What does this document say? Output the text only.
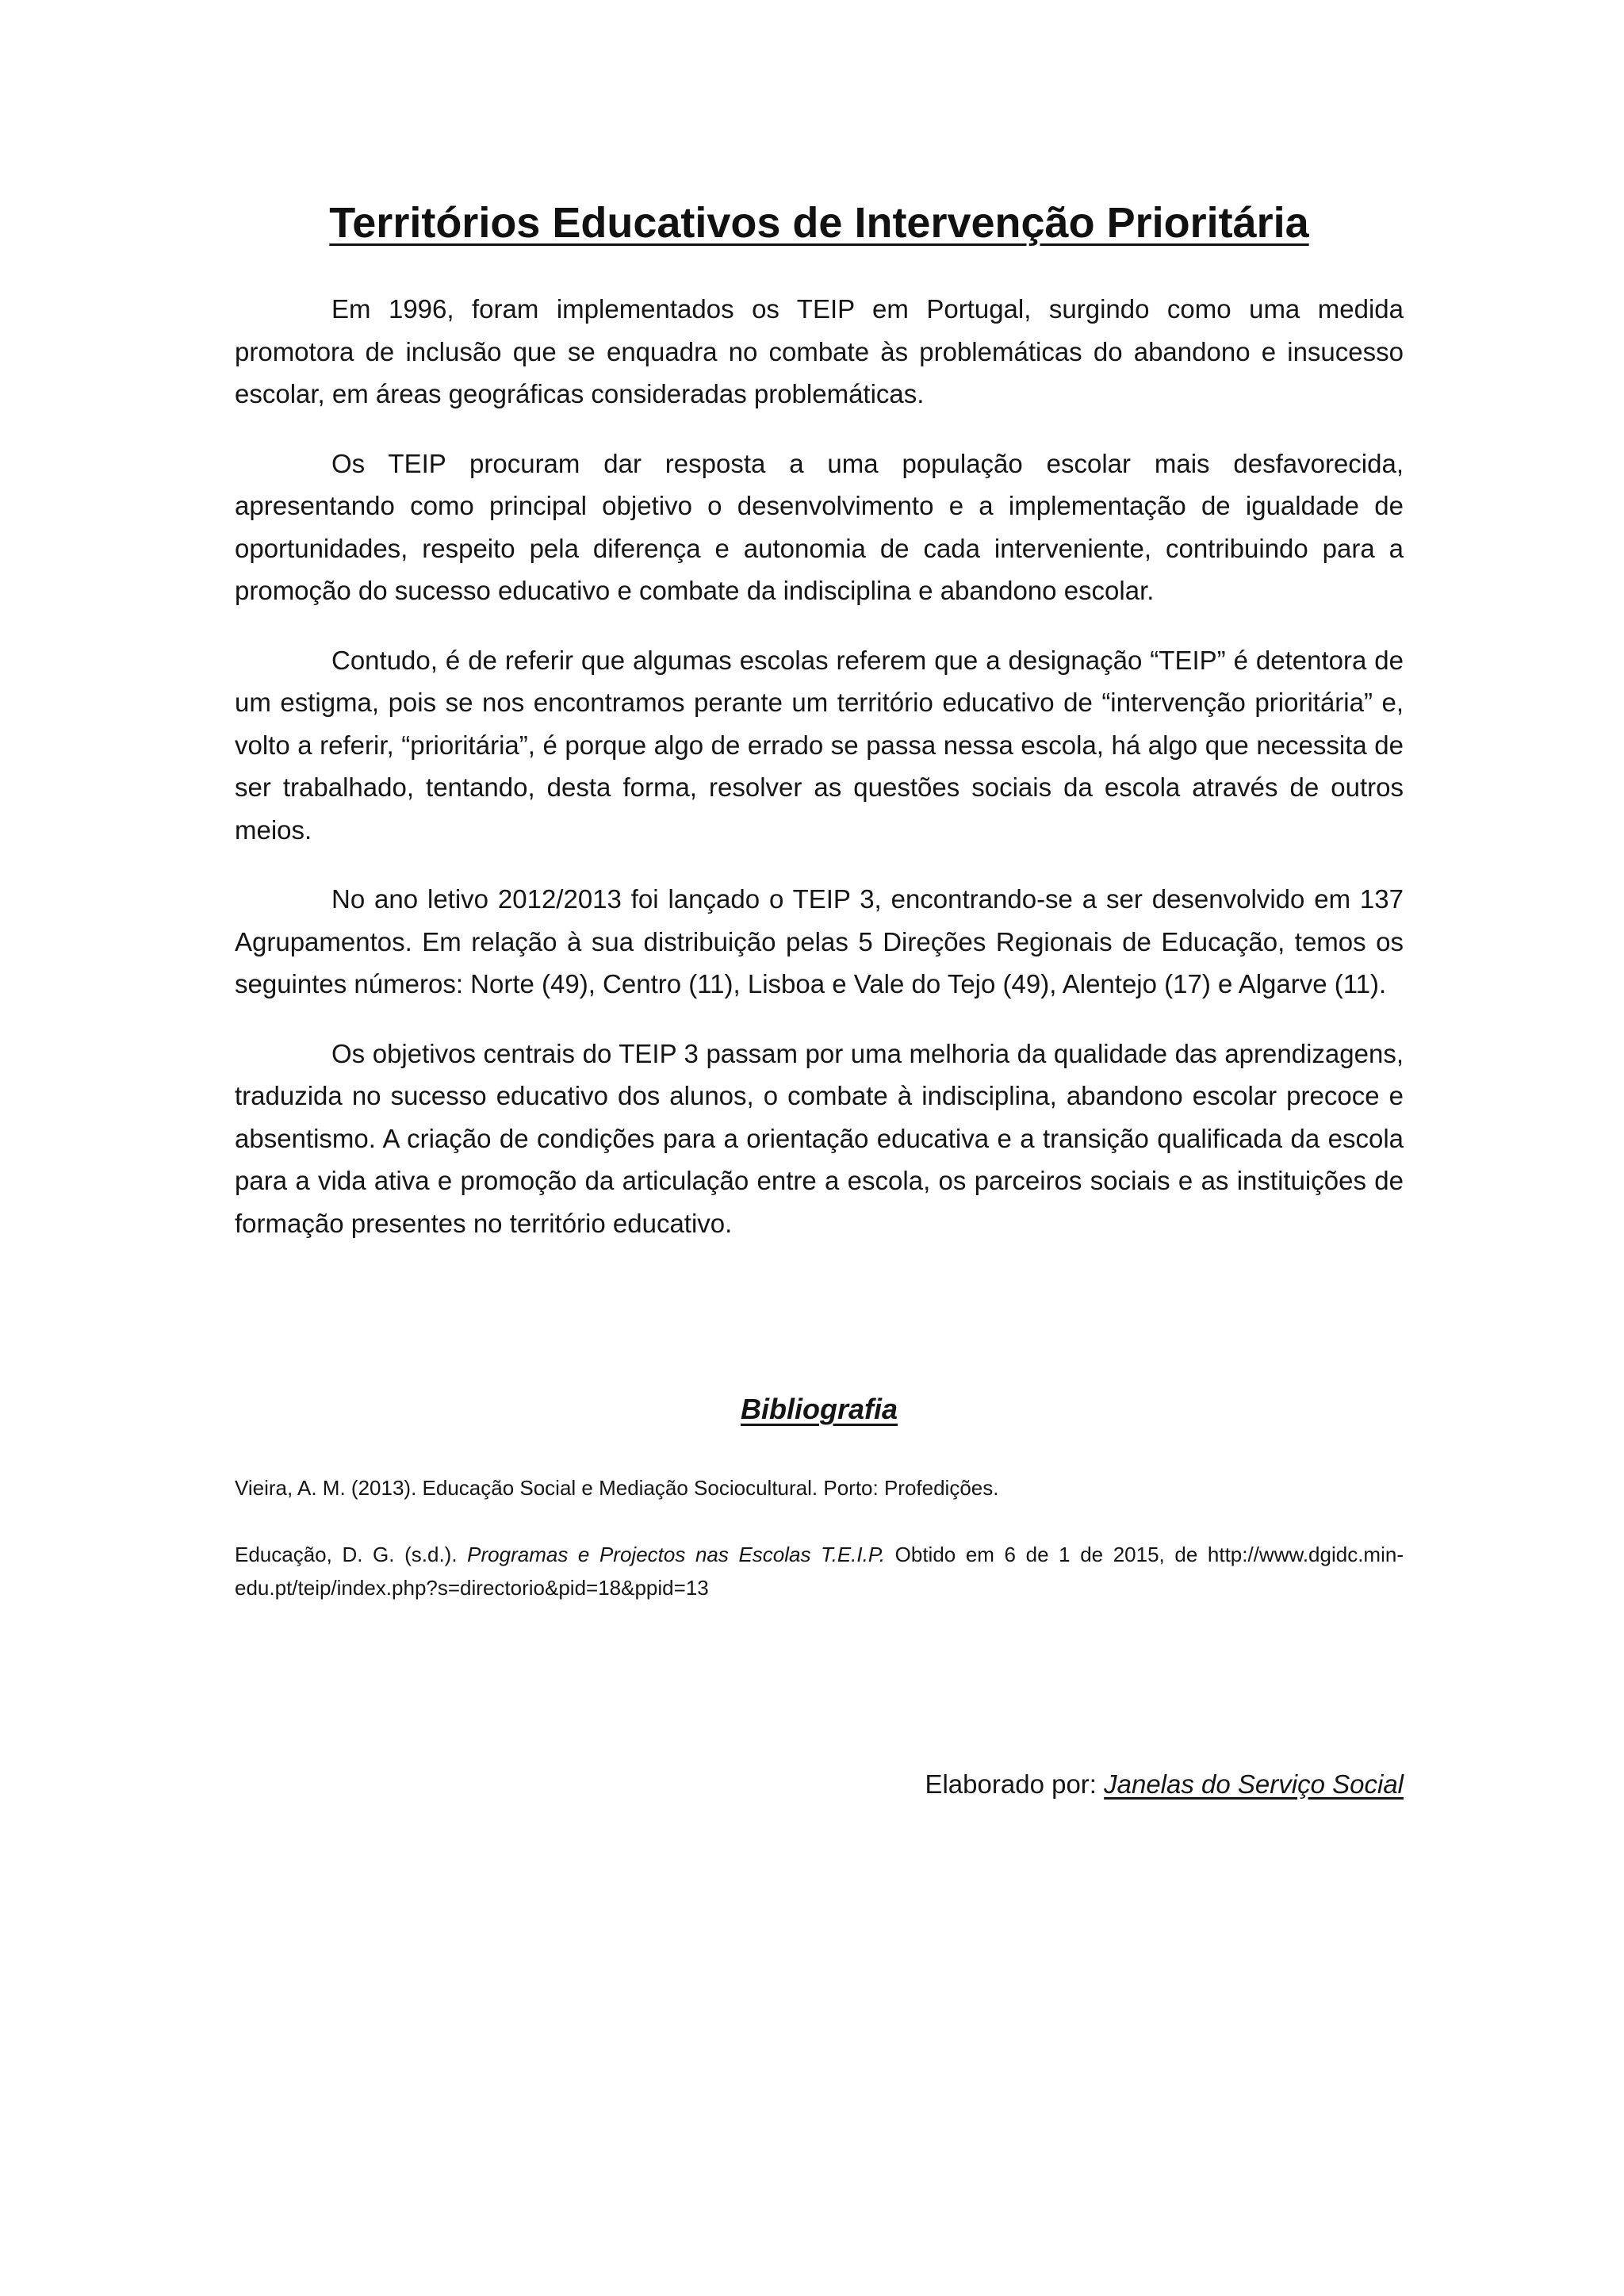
Territórios Educativos de Intervenção Prioritária

Em 1996, foram implementados os TEIP em Portugal, surgindo como uma medida promotora de inclusão que se enquadra no combate às problemáticas do abandono e insucesso escolar, em áreas geográficas consideradas problemáticas.

Os TEIP procuram dar resposta a uma população escolar mais desfavorecida, apresentando como principal objetivo o desenvolvimento e a implementação de igualdade de oportunidades, respeito pela diferença e autonomia de cada interveniente, contribuindo para a promoção do sucesso educativo e combate da indisciplina e abandono escolar.

Contudo, é de referir que algumas escolas referem que a designação “TEIP” é detentora de um estigma, pois se nos encontramos perante um território educativo de “intervenção prioritária” e, volto a referir, “prioritária”, é porque algo de errado se passa nessa escola, há algo que necessita de ser trabalhado, tentando, desta forma, resolver as questões sociais da escola através de outros meios.

No ano letivo 2012/2013 foi lançado o TEIP 3, encontrando-se a ser desenvolvido em 137 Agrupamentos. Em relação à sua distribuição pelas 5 Direções Regionais de Educação, temos os seguintes números: Norte (49), Centro (11), Lisboa e Vale do Tejo (49), Alentejo (17) e Algarve (11).

Os objetivos centrais do TEIP 3 passam por uma melhoria da qualidade das aprendizagens, traduzida no sucesso educativo dos alunos, o combate à indisciplina, abandono escolar precoce e absentismo. A criação de condições para a orientação educativa e a transição qualificada da escola para a vida ativa e promoção da articulação entre a escola, os parceiros sociais e as instituições de formação presentes no território educativo.

Bibliografia

Vieira, A. M. (2013). Educação Social e Mediação Sociocultural. Porto: Profedições.

Educação, D. G. (s.d.). Programas e Projectos nas Escolas T.E.I.P. Obtido em 6 de 1 de 2015, de http://www.dgidc.min-edu.pt/teip/index.php?s=directorio&pid=18&ppid=13

Elaborado por: Janelas do Serviço Social
